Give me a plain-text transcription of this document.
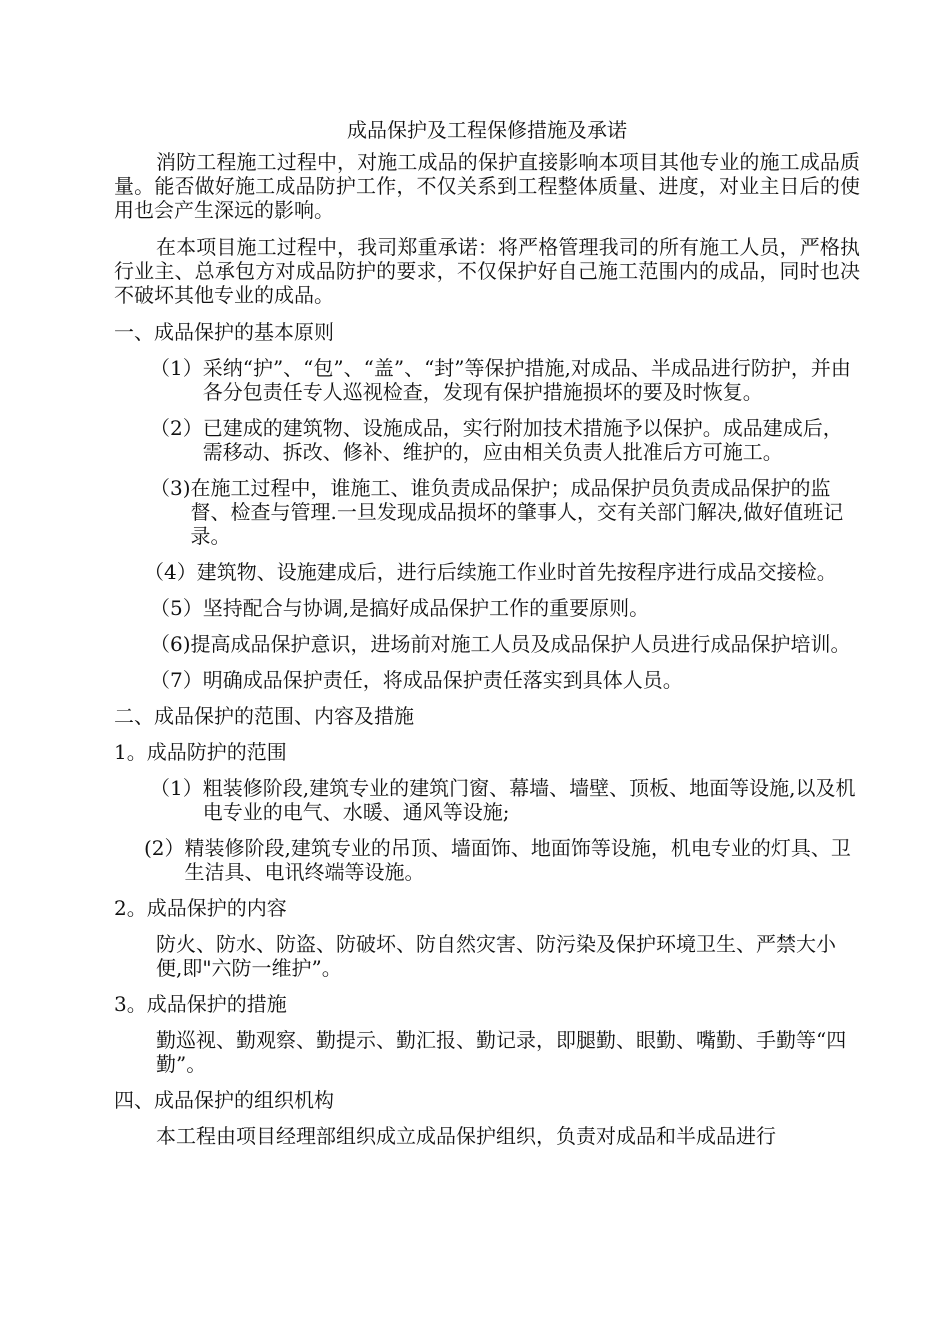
成品保护及工程保修措施及承诺

消防工程施工过程中，对施工成品的保护直接影响本项目其他专业的施工成品质量。能否做好施工成品防护工作，不仅关系到工程整体质量、进度，对业主日后的使用也会产生深远的影响。

在本项目施工过程中，我司郑重承诺：将严格管理我司的所有施工人员，严格执行业主、总承包方对成品防护的要求，不仅保护好自己施工范围内的成品，同时也决不破坏其他专业的成品。

一、成品保护的基本原则
（1） 采纳“护”、“包”、“盖”、“封”等保护措施,对成品、半成品进行防护，并由各分包责任专人巡视检查，发现有保护措施损坏的要及时恢复。
（2） 已建成的建筑物、设施成品，实行附加技术措施予以保护。成品建成后，需移动、拆改、修补、维护的，应由相关负责人批准后方可施工。
（3) 在施工过程中，谁施工、谁负责成品保护；成品保护员负责成品保护的监督、检查与管理.一旦发现成品损坏的肇事人，交有关部门解决,做好值班记录。
（4） 建筑物、设施建成后，进行后续施工作业时首先按程序进行成品交接检。
（5） 坚持配合与协调,是搞好成品保护工作的重要原则。
（6) 提高成品保护意识，进场前对施工人员及成品保护人员进行成品保护培训。
（7） 明确成品保护责任，将成品保护责任落实到具体人员。
二、成品保护的范围、内容及措施
1。成品防护的范围
（1） 粗装修阶段,建筑专业的建筑门窗、幕墙、墙壁、顶板、地面等设施,以及机电专业的电气、水暖、通风等设施;
(2） 精装修阶段,建筑专业的吊顶、墙面饰、地面饰等设施，机电专业的灯具、卫生洁具、电讯终端等设施。
2。成品保护的内容
防火、防水、防盗、防破坏、防自然灾害、防污染及保护环境卫生、严禁大小便,即"六防一维护”。
3。成品保护的措施
勤巡视、勤观察、勤提示、勤汇报、勤记录，即腿勤、眼勤、嘴勤、手勤等“四勤”。
四、成品保护的组织机构

本工程由项目经理部组织成立成品保护组织，负责对成品和半成品进行
